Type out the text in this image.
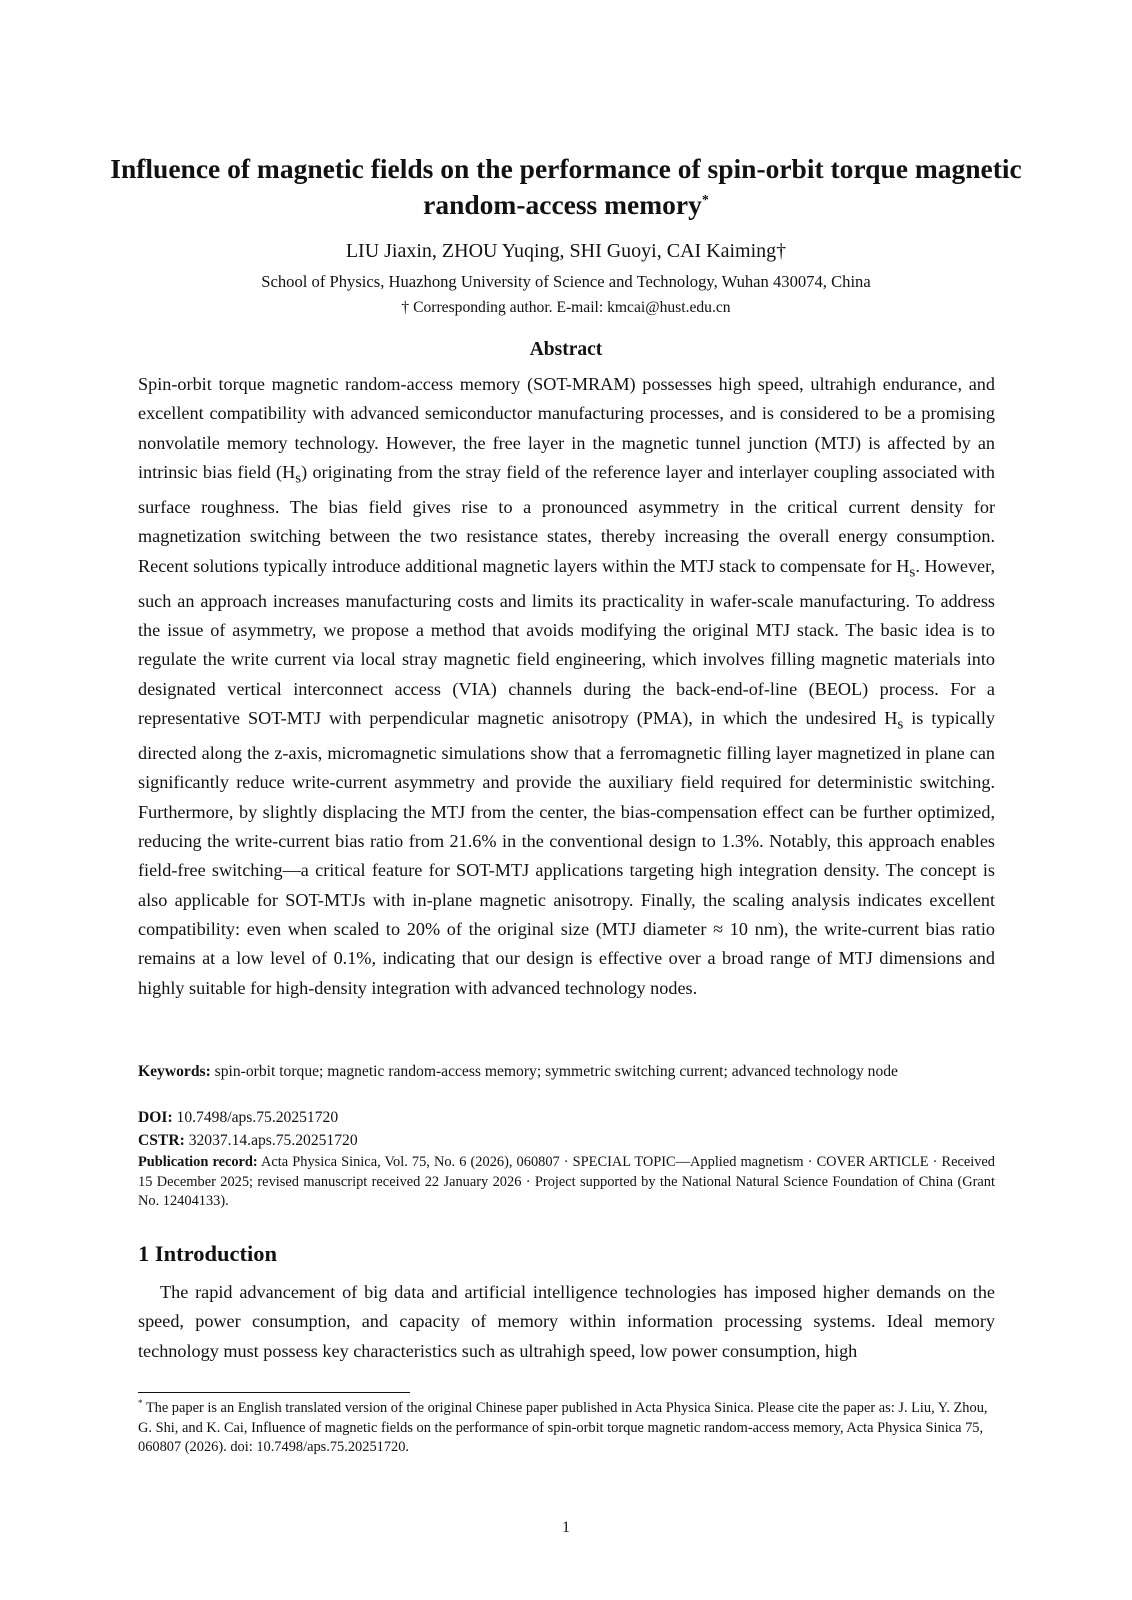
Influence of magnetic fields on the performance of spin-orbit torque magnetic random-access memory*
LIU Jiaxin, ZHOU Yuqing, SHI Guoyi, CAI Kaiming†
School of Physics, Huazhong University of Science and Technology, Wuhan 430074, China
† Corresponding author. E-mail: kmcai@hust.edu.cn
Abstract

Spin-orbit torque magnetic random-access memory (SOT-MRAM) possesses high speed, ultrahigh endurance, and excellent compatibility with advanced semiconductor manufacturing processes, and is considered to be a promising nonvolatile memory technology. However, the free layer in the magnetic tunnel junction (MTJ) is affected by an intrinsic bias field $(H_s)$ originating from the stray field of the reference layer and interlayer coupling associated with surface roughness. The bias field gives rise to a pronounced asymmetry in the critical current density for magnetization switching between the two resistance states, thereby increasing the overall energy consumption. Recent solutions typically introduce additional magnetic layers within the MTJ stack to compensate for $H_s$. However, such an approach increases manufacturing costs and limits its practicality in wafer-scale manufacturing. To address the issue of asymmetry, we propose a method that avoids modifying the original MTJ stack. The basic idea is to regulate the write current via local stray magnetic field engineering, which involves filling magnetic materials into designated vertical interconnect access (VIA) channels during the back-end-of-line (BEOL) process. For a representative SOT-MTJ with perpendicular magnetic anisotropy (PMA), in which the undesired $H_s$ is typically directed along the z-axis, micromagnetic simulations show that a ferromagnetic filling layer magnetized in plane can significantly reduce write-current asymmetry and provide the auxiliary field required for deterministic switching. Furthermore, by slightly displacing the MTJ from the center, the bias-compensation effect can be further optimized, reducing the write-current bias ratio from 21.6% in the conventional design to 1.3%. Notably, this approach enables field-free switching—a critical feature for SOT-MTJ applications targeting high integration density. The concept is also applicable for SOT-MTJs with in-plane magnetic anisotropy. Finally, the scaling analysis indicates excellent compatibility: even when scaled to 20% of the original size (MTJ diameter ≈ 10 nm), the write-current bias ratio remains at a low level of 0.1%, indicating that our design is effective over a broad range of MTJ dimensions and highly suitable for high-density integration with advanced technology nodes.

Keywords: spin-orbit torque; magnetic random-access memory; symmetric switching current; advanced technology node

DOI: 10.7498/aps.75.20251720

CSTR: 32037.14.aps.75.20251720

Publication record: Acta Physica Sinica, Vol. 75, No. 6 (2026), 060807 · SPECIAL TOPIC—Applied magnetism · COVER ARTICLE · Received 15 December 2025; revised manuscript received 22 January 2026 · Project supported by the National Natural Science Foundation of China (Grant No. 12404133).

1 Introduction

The rapid advancement of big data and artificial intelligence technologies has imposed higher demands on the speed, power consumption, and capacity of memory within information processing systems. Ideal memory technology must possess key characteristics such as ultrahigh speed, low power consumption, high

* The paper is an English translated version of the original Chinese paper published in Acta Physica Sinica. Please cite the paper as: J. Liu, Y. Zhou, G. Shi, and K. Cai, Influence of magnetic fields on the performance of spin-orbit torque magnetic random-access memory, Acta Physica Sinica 75, 060807 (2026). doi: 10.7498/aps.75.20251720.

1
